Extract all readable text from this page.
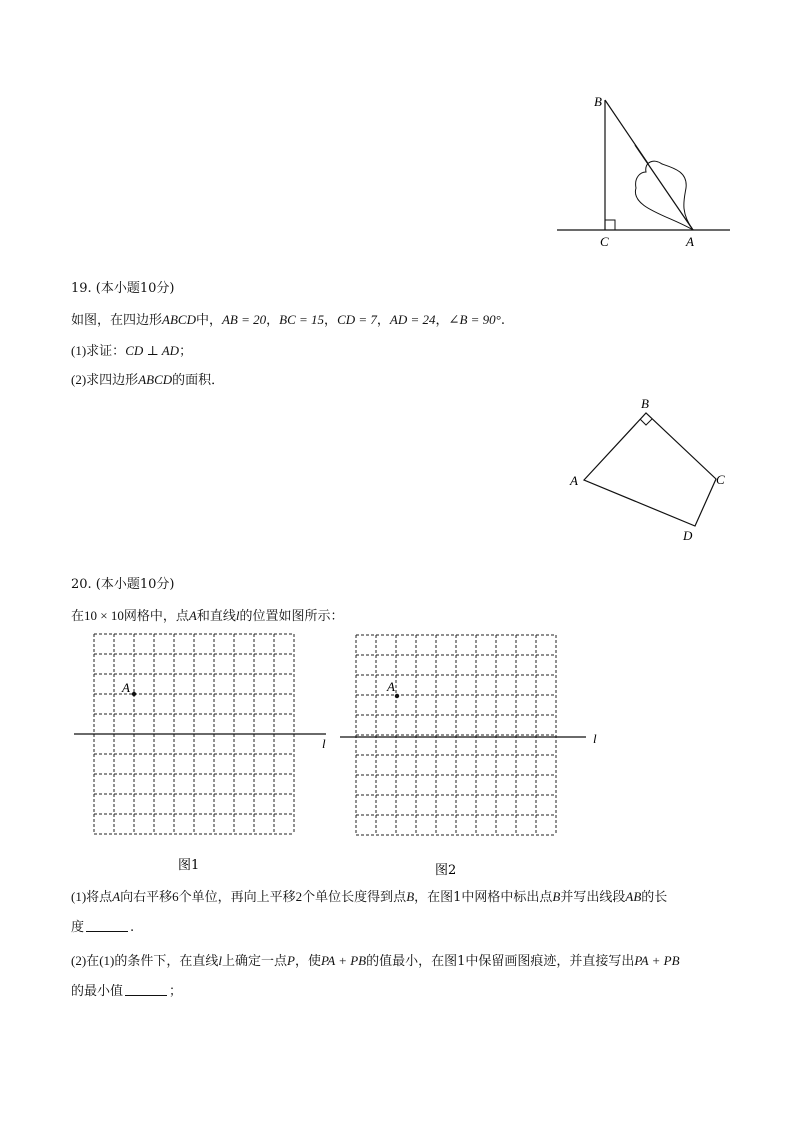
B
C	A
19. (本小题10分)
如图，在四边形ABCD中，AB = 20，BC = 15，CD = 7，AD = 24，∠B = 90°.
(1)求证：CD ⊥ AD；
(2)求四边形ABCD的面积．
A
B
C
D
20. (本小题10分)
在10 × 10网格中，点A和直线l的位置如图所示：
l
A
图1
l
A
图2
(1)将点A向右平移6个单位，再向上平移2个单位长度得到点B，在图1中网格中标出点B并写出线段AB的长
度	.
(2)在(1)的条件下，在直线l上确定一点P，使PA + PB的值最小，在图1中保留画图痕迹，并直接写出PA + PB
的最小值	；
